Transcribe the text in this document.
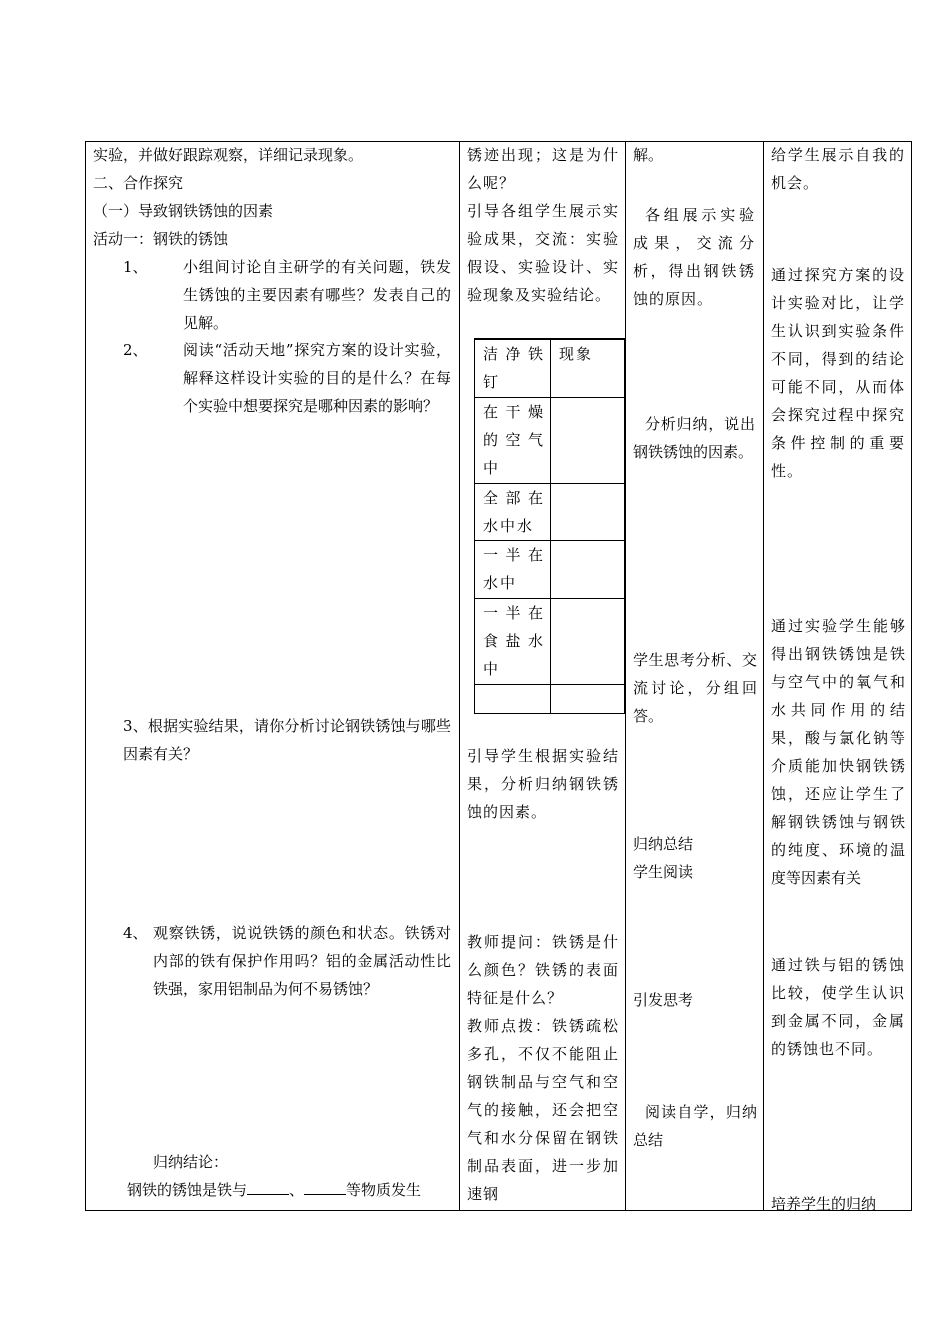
实验，并做好跟踪观察，详细记录现象。
二、合作探究
（一）导致钢铁锈蚀的因素
活动一：钢铁的锈蚀
1、 小组间讨论自主研学的有关问题，铁发生锈蚀的主要因素有哪些？发表自己的见解。
2、 阅读“活动天地”探究方案的设计实验，解释这样设计实验的目的是什么？在每个实验中想要探究是哪种因素的影响？
3、根据实验结果，请你分析讨论钢铁锈蚀与哪些因素有关？
4、 观察铁锈，说说铁锈的颜色和状态。铁锈对内部的铁有保护作用吗？铝的金属活动性比铁强，家用铝制品为何不易锈蚀？
归纳结论：
钢铁的锈蚀是铁与	、	等物质发生
锈迹出现；这是为什么呢？
引导各组学生展示实验成果，交流：实验假设、实验设计、实验现象及实验结论。
洁净铁钉
现象
在干燥的空气中
全部在水中水
一半在水中
一半在食盐水中
引导学生根据实验结果，分析归纳钢铁锈蚀的因素。
教师提问：铁锈是什么颜色？铁锈的表面特征是什么？
教师点拨：铁锈疏松多孔，不仅不能阻止钢铁制品与空气和空气的接触，还会把空气和水分保留在钢铁制品表面，进一步加速钢
解。
各组展示实验成果，交流分析，得出钢铁锈蚀的原因。
分析归纳，说出钢铁锈蚀的因素。
学生思考分析、交流讨论，分组回答。
归纳总结
学生阅读
引发思考
阅读自学，归纳总结
给学生展示自我的机会。
通过探究方案的设计实验对比，让学生认识到实验条件不同，得到的结论可能不同，从而体会探究过程中探究条件控制的重要性。
通过实验学生能够得出钢铁锈蚀是铁与空气中的氧气和水共同作用的结果，酸与氯化钠等介质能加快钢铁锈蚀，还应让学生了解钢铁锈蚀与钢铁的纯度、环境的温度等因素有关
通过铁与铝的锈蚀比较，使学生认识到金属不同，金属的锈蚀也不同。
培养学生的归纳
